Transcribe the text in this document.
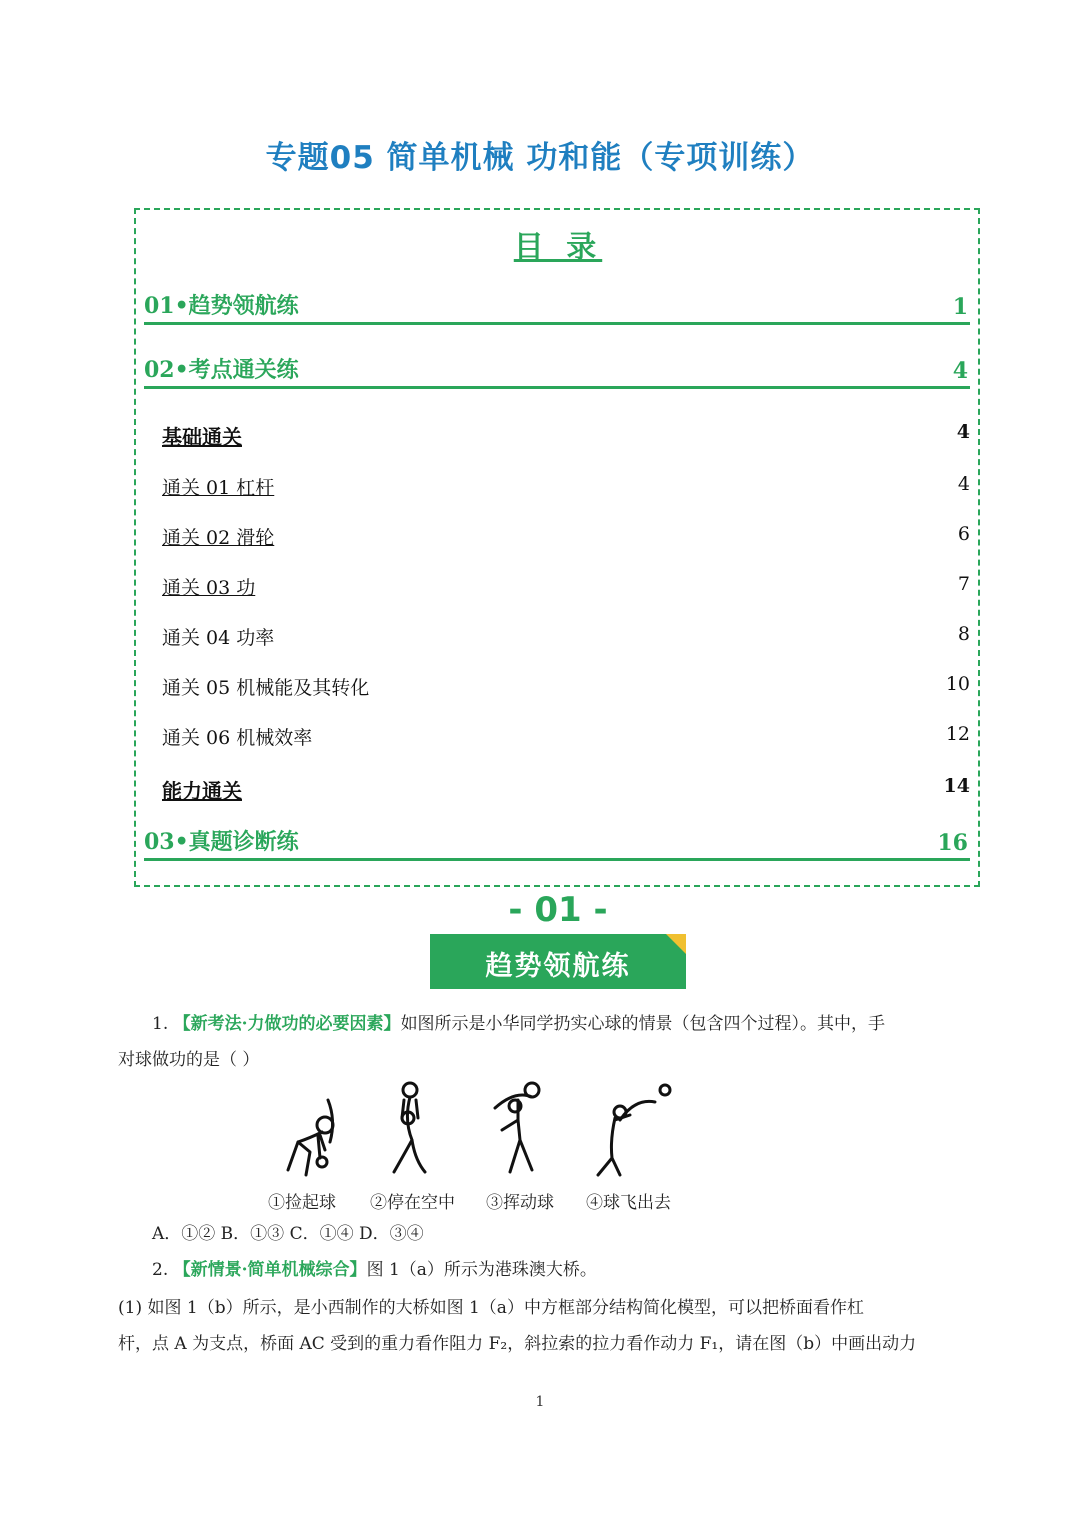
专题05 简单机械 功和能（专项训练）
目 录
01•趋势领航练	1
02•考点通关练	4
基础通关	4
通关 01 杠杆	4
通关 02 滑轮	6
通关 03 功	7
通关 04 功率	8
通关 05 机械能及其转化	10
通关 06 机械效率	12
能力通关	14
03•真题诊断练	16
- 01 -
趋势领航练
1. 【新考法·力做功的必要因素】如图所示是小华同学扔实心球的情景（包含四个过程）。其中，手
对球做功的是（ ）
①捡起球 ②停在空中 ③挥动球 ④球飞出去
A．①② B．①③ C．①④ D．③④
2. 【新情景·简单机械综合】图 1（a）所示为港珠澳大桥。
(1) 如图 1（b）所示，是小西制作的大桥如图 1（a）中方框部分结构简化模型，可以把桥面看作杠
杆，点 A 为支点，桥面 AC 受到的重力看作阻力 F₂，斜拉索的拉力看作动力 F₁，请在图（b）中画出动力
1
